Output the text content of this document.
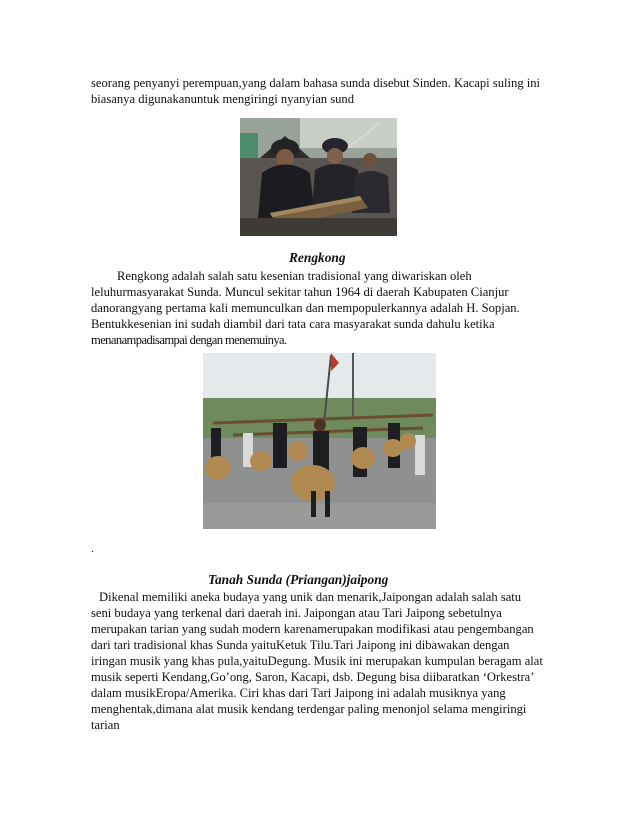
seorang penyanyi perempuan,yang dalam bahasa sunda disebut Sinden. Kacapi suling ini
biasanya digunakanuntuk mengiringi nyanyian sund

Rengkong

Rengkong adalah salah satu kesenian tradisional yang diwariskan oleh
leluhurmasyarakat Sunda. Muncul sekitar tahun 1964 di daerah Kabupaten Cianjur
danorangyang pertama kali memunculkan dan mempopulerkannya adalah H. Sopjan.
Bentukkesenian ini sudah diambil dari tata cara masyarakat sunda dahulu ketika
menanampadisampai dengan menemuinya.

.
Tanah Sunda (Priangan)jaipong

Dikenal memiliki aneka budaya yang unik dan menarik,Jaipongan adalah salah satu
seni budaya yang terkenal dari daerah ini. Jaipongan atau Tari Jaipong sebetulnya
merupakan tarian yang sudah modern karenamerupakan modifikasi atau pengembangan
dari tari tradisional khas Sunda yaituKetuk Tilu.Tari Jaipong ini dibawakan dengan
iringan musik yang khas pula,yaituDegung. Musik ini merupakan kumpulan beragam alat
musik seperti Kendang,Go’ong, Saron, Kacapi, dsb. Degung bisa diibaratkan ‘Orkestra’
dalam musikEropa/Amerika. Ciri khas dari Tari Jaipong ini adalah musiknya yang
menghentak,dimana alat musik kendang terdengar paling menonjol selama mengiringi
tarian
